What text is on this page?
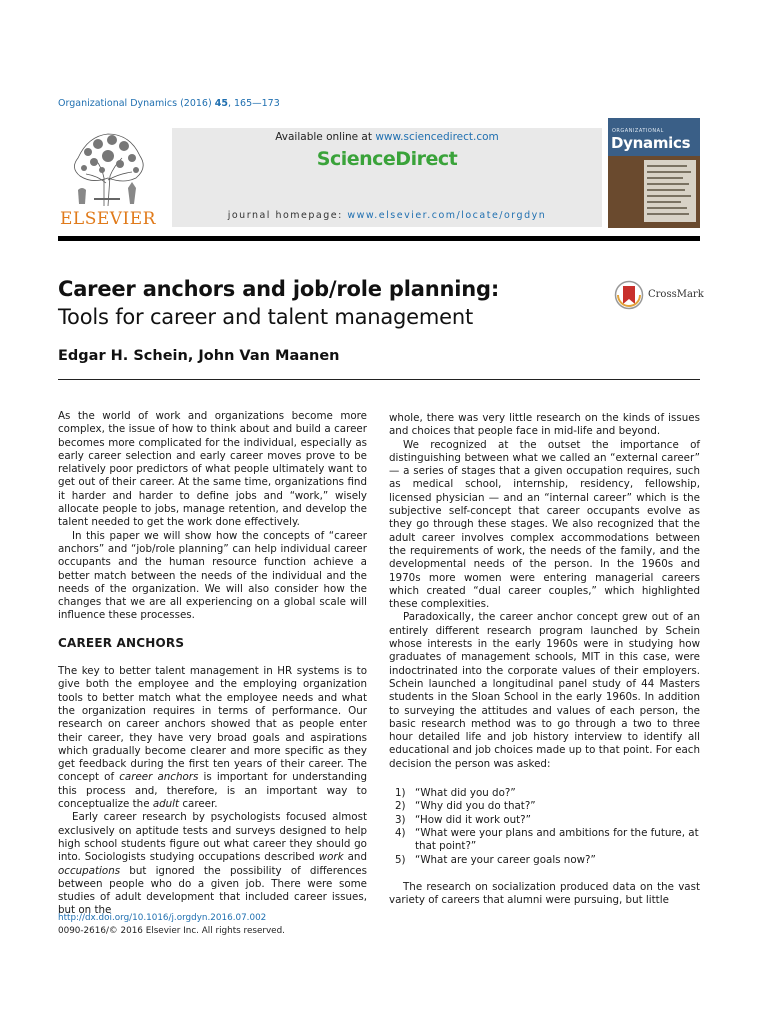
Organizational Dynamics (2016) 45, 165—173
ELSEVIER
Available online at www.sciencedirect.com
ScienceDirect
journal homepage: www.elsevier.com/locate/orgdyn
ORGANIZATIONAL
Dynamics
Career anchors and job/role planning:
Tools for career and talent management
CrossMark
Edgar H. Schein, John Van Maanen

As the world of work and organizations become more complex, the issue of how to think about and build a career becomes more complicated for the individual, especially as early career selection and early career moves prove to be relatively poor predictors of what people ultimately want to get out of their career. At the same time, organizations find it harder and harder to define jobs and “work,” wisely allocate people to jobs, manage retention, and develop the talent needed to get the work done effectively.

In this paper we will show how the concepts of “career anchors” and “job/role planning” can help individual career occupants and the human resource function achieve a better match between the needs of the individual and the needs of the organization. We will also consider how the changes that we are all experiencing on a global scale will influence these processes.

CAREER ANCHORS

The key to better talent management in HR systems is to give both the employee and the employing organization tools to better match what the employee needs and what the organization requires in terms of performance. Our research on career anchors showed that as people enter their career, they have very broad goals and aspirations which gradually become clearer and more specific as they get feedback during the first ten years of their career. The concept of career anchors is important for understanding this process and, therefore, is an important way to conceptualize the adult career.

Early career research by psychologists focused almost exclusively on aptitude tests and surveys designed to help high school students figure out what career they should go into. Sociologists studying occupations described work and occupations but ignored the possibility of differences between people who do a given job. There were some studies of adult development that included career issues, but on the

whole, there was very little research on the kinds of issues and choices that people face in mid-life and beyond.

We recognized at the outset the importance of distinguishing between what we called an “external career” — a series of stages that a given occupation requires, such as medical school, internship, residency, fellowship, licensed physician — and an “internal career” which is the subjective self-concept that career occupants evolve as they go through these stages. We also recognized that the adult career involves complex accommodations between the requirements of work, the needs of the family, and the developmental needs of the person. In the 1960s and 1970s more women were entering managerial careers which created “dual career couples,” which highlighted these complexities.

Paradoxically, the career anchor concept grew out of an entirely different research program launched by Schein whose interests in the early 1960s were in studying how graduates of management schools, MIT in this case, were indoctrinated into the corporate values of their employers. Schein launched a longitudinal panel study of 44 Masters students in the Sloan School in the early 1960s. In addition to surveying the attitudes and values of each person, the basic research method was to go through a two to three hour detailed life and job history interview to identify all educational and job choices made up to that point. For each decision the person was asked:

1) “What did you do?”
2) “Why did you do that?”
3) “How did it work out?”
4) “What were your plans and ambitions for the future, at that point?”
5) “What are your career goals now?”

The research on socialization produced data on the vast variety of careers that alumni were pursuing, but little

http://dx.doi.org/10.1016/j.orgdyn.2016.07.002
0090-2616/© 2016 Elsevier Inc. All rights reserved.
